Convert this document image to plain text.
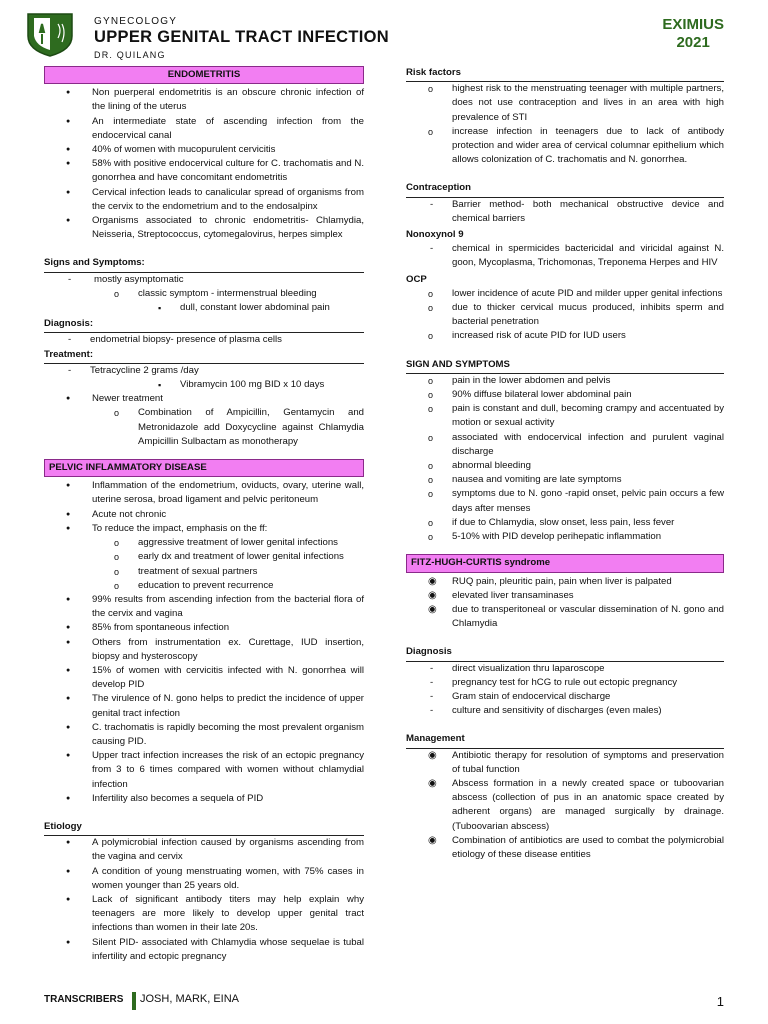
GYNECOLOGY
UPPER GENITAL TRACT INFECTION
DR. QUILANG
EXIMIUS
2021
ENDOMETRITIS
● Non puerperal endometritis is an obscure chronic infection of the lining of the uterus
● An intermediate state of ascending infection from the endocervical canal
● 40% of women with mucopurulent cervicitis
● 58% with positive endocervical culture for C. trachomatis and N. gonorrhea and have concomitant endometritis
● Cervical infection leads to canalicular spread of organisms from the cervix to the endometrium and to the endosalpinx
● Organisms associated to chronic endometritis- Chlamydia, Neisseria, Streptococcus, cytomegalovirus, herpes simplex
Signs and Symptoms:
- mostly asymptomatic
o classic symptom - intermenstrual bleeding
▪ dull, constant lower abdominal pain
Diagnosis:
- endometrial biopsy- presence of plasma cells
Treatment:
- Tetracycline 2 grams /day
▪ Vibramycin 100 mg BID x 10 days
● Newer treatment
o Combination of Ampicillin, Gentamycin and Metronidazole add Doxycycline against Chlamydia Ampicillin Sulbactam as monotherapy
PELVIC INFLAMMATORY DISEASE
● Inflammation of the endometrium, oviducts, ovary, uterine wall, uterine serosa, broad ligament and pelvic peritoneum
● Acute not chronic
● To reduce the impact, emphasis on the ff:
o aggressive treatment of lower genital infections
o early dx and treatment of lower genital infections
o treatment of sexual partners
o education to prevent recurrence
● 99% results from ascending infection from the bacterial flora of the cervix and vagina
● 85% from spontaneous infection
● Others from instrumentation ex. Curettage, IUD insertion, biopsy and hysteroscopy
● 15% of women with cervicitis infected with N. gonorrhea will develop PID
● The virulence of N. gono helps to predict the incidence of upper genital tract infection
● C. trachomatis is rapidly becoming the most prevalent organism causing PID.
● Upper tract infection increases the risk of an ectopic pregnancy from 3 to 6 times compared with women without chlamydial infection
● Infertility also becomes a sequela of PID
Etiology
● A polymicrobial infection caused by organisms ascending from the vagina and cervix
● A condition of young menstruating women, with 75% cases in women younger than 25 years old.
● Lack of significant antibody titers may help explain why teenagers are more likely to develop upper genital tract infections than women in their late 20s.
● Silent PID- associated with Chlamydia whose sequelae is tubal infertility and ectopic pregnancy
Risk factors
o highest risk to the menstruating teenager with multiple partners, does not use contraception and lives in an area with high prevalence of STI
o increase infection in teenagers due to lack of antibody protection and wider area of cervical columnar epithelium which allows colonization of C. trachomatis and N. gonorrhea.
Contraception
- Barrier method- both mechanical obstructive device and chemical barriers
Nonoxynol 9
- chemical in spermicides bactericidal and viricidal against N. goon, Mycoplasma, Trichomonas, Treponema Herpes and HIV
OCP
o lower incidence of acute PID and milder upper genital infections
o due to thicker cervical mucus produced, inhibits sperm and bacterial penetration
o increased risk of acute PID for IUD users
SIGN AND SYMPTOMS
o pain in the lower abdomen and pelvis
o 90% diffuse bilateral lower abdominal pain
o pain is constant and dull, becoming crampy and accentuated by motion or sexual activity
o associated with endocervical infection and purulent vaginal discharge
o abnormal bleeding
o nausea and vomiting are late symptoms
o symptoms due to N. gono -rapid onset, pelvic pain occurs a few days after menses
o if due to Chlamydia, slow onset, less pain, less fever
o 5-10% with PID develop perihepatic inflammation
FITZ-HUGH-CURTIS syndrome
◉ RUQ pain, pleuritic pain, pain when liver is palpated
◉ elevated liver transaminases
◉ due to transperitoneal or vascular dissemination of N. gono and Chlamydia
Diagnosis
- direct visualization thru laparoscope
- pregnancy test for hCG to rule out ectopic pregnancy
- Gram stain of endocervical discharge
- culture and sensitivity of discharges (even males)
Management
◉ Antibiotic therapy for resolution of symptoms and preservation of tubal function
◉ Abscess formation in a newly created space or tuboovarian abscess (collection of pus in an anatomic space created by adherent organs) are managed surgically by drainage. (Tuboovarian abscess)
◉ Combination of antibiotics are used to combat the polymicrobial etiology of these disease entities
TRANSCRIBERS JOSH, MARK, EINA	1
